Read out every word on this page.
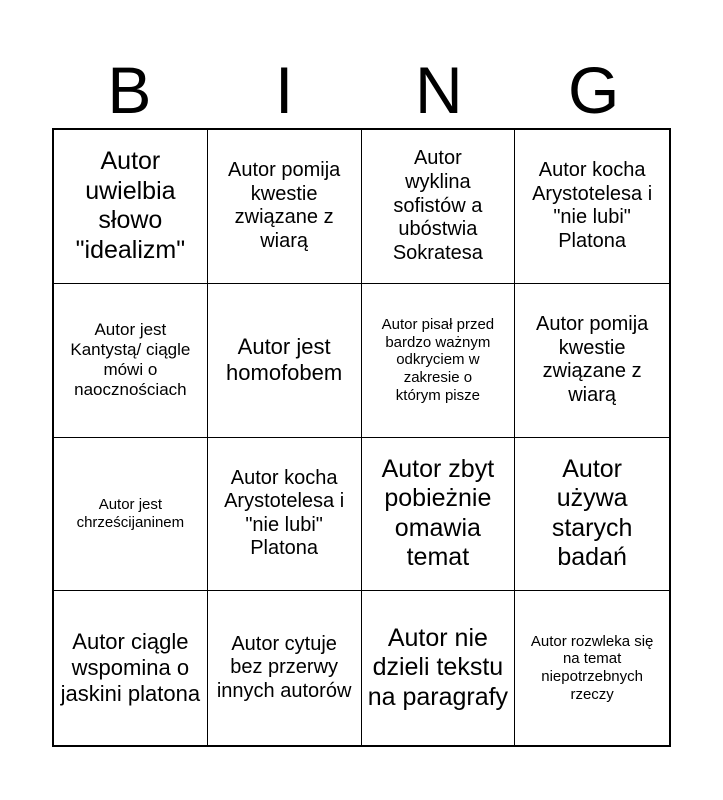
B	I	N	G
Autor uwielbia słowo "idealizm"
Autor pomija kwestie związane z wiarą
Autor wyklina sofistów a ubóstwia Sokratesa
Autor kocha Arystotelesa i "nie lubi" Platona
Autor jest Kantystą/ ciągle mówi o naocznościach
Autor jest homofobem
Autor pisał przed bardzo ważnym odkryciem w zakresie o którym pisze
Autor pomija kwestie związane z wiarą
Autor jest chrześcijaninem
Autor kocha Arystotelesa i "nie lubi" Platona
Autor zbyt pobieżnie omawia temat
Autor używa starych badań
Autor ciągle wspomina o jaskini platona
Autor cytuje bez przerwy innych autorów
Autor nie dzieli tekstu na paragrafy
Autor rozwleka się na temat niepotrzebnych rzeczy
